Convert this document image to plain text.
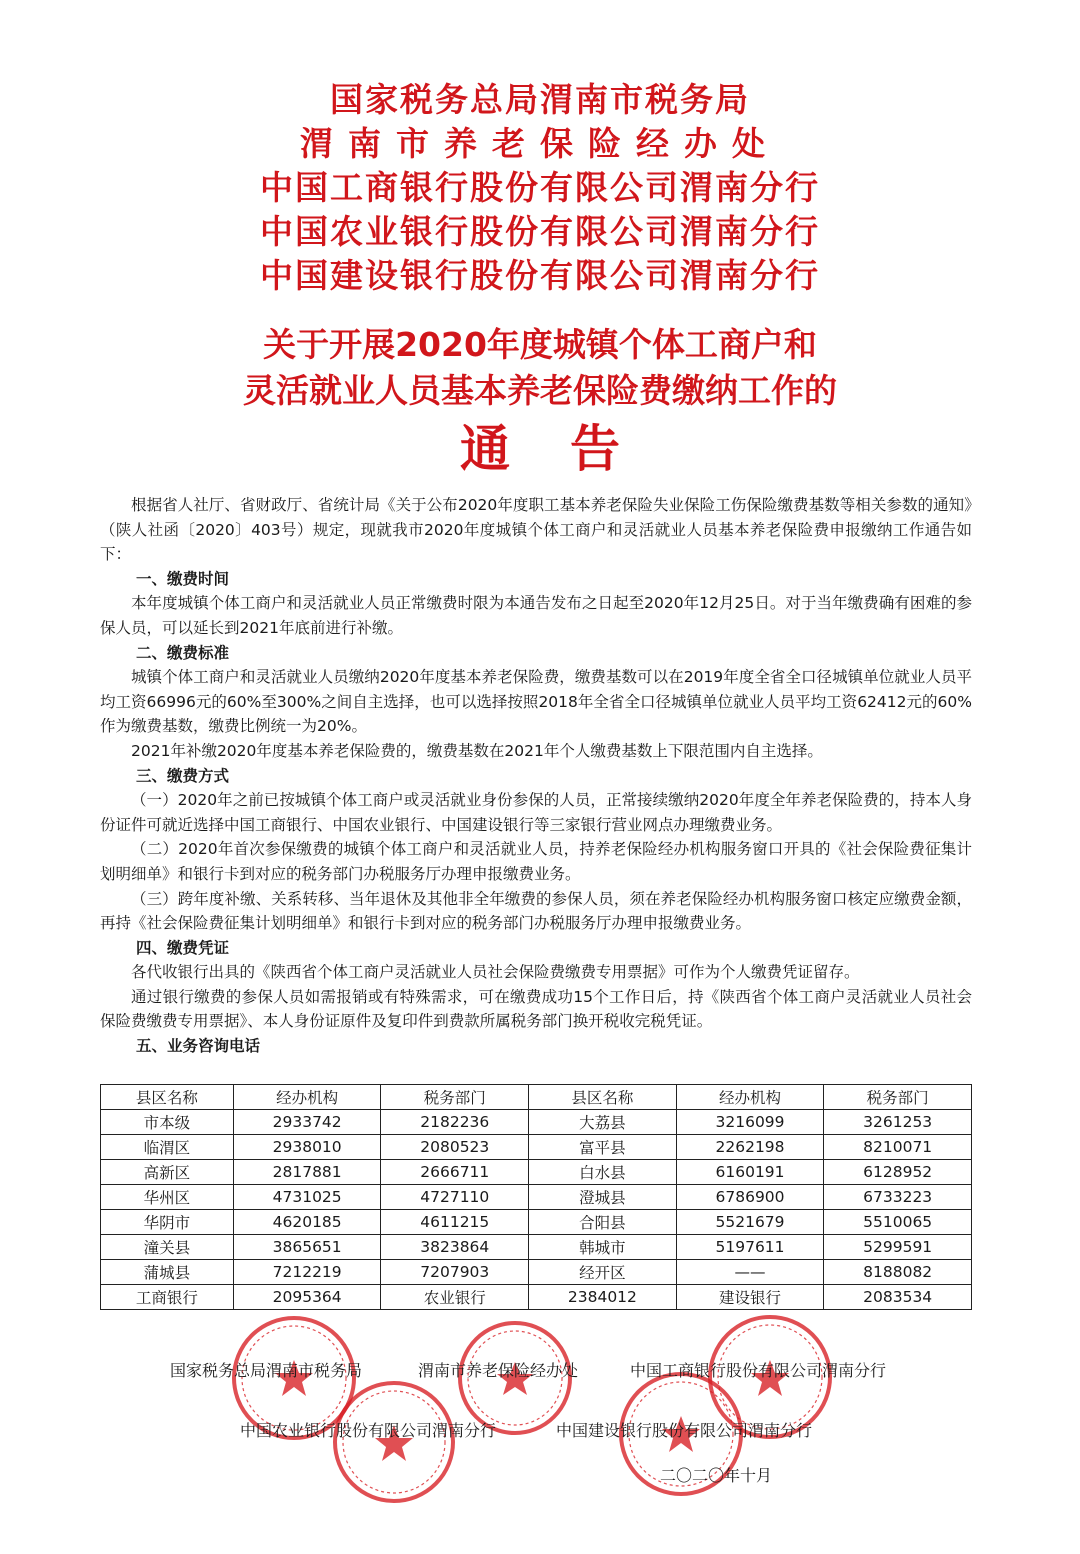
国家税务总局渭南市税务局
渭南市养老保险经办处
中国工商银行股份有限公司渭南分行
中国农业银行股份有限公司渭南分行
中国建设银行股份有限公司渭南分行
关于开展2020年度城镇个体工商户和
灵活就业人员基本养老保险费缴纳工作的
通告

根据省人社厅、省财政厅、省统计局《关于公布2020年度职工基本养老保险失业保险工伤保险缴费基数等相关参数的通知》（陕人社函〔2020〕403号）规定，现就我市2020年度城镇个体工商户和灵活就业人员基本养老保险费申报缴纳工作通告如下：

一、缴费时间

本年度城镇个体工商户和灵活就业人员正常缴费时限为本通告发布之日起至2020年12月25日。对于当年缴费确有困难的参保人员，可以延长到2021年底前进行补缴。

二、缴费标准

城镇个体工商户和灵活就业人员缴纳2020年度基本养老保险费，缴费基数可以在2019年度全省全口径城镇单位就业人员平均工资66996元的60%至300%之间自主选择，也可以选择按照2018年全省全口径城镇单位就业人员平均工资62412元的60%作为缴费基数，缴费比例统一为20%。

2021年补缴2020年度基本养老保险费的，缴费基数在2021年个人缴费基数上下限范围内自主选择。

三、缴费方式

（一）2020年之前已按城镇个体工商户或灵活就业身份参保的人员，正常接续缴纳2020年度全年养老保险费的，持本人身份证件可就近选择中国工商银行、中国农业银行、中国建设银行等三家银行营业网点办理缴费业务。

（二）2020年首次参保缴费的城镇个体工商户和灵活就业人员，持养老保险经办机构服务窗口开具的《社会保险费征集计划明细单》和银行卡到对应的税务部门办税服务厅办理申报缴费业务。

（三）跨年度补缴、关系转移、当年退休及其他非全年缴费的参保人员，须在养老保险经办机构服务窗口核定应缴费金额，再持《社会保险费征集计划明细单》和银行卡到对应的税务部门办税服务厅办理申报缴费业务。

四、缴费凭证

各代收银行出具的《陕西省个体工商户灵活就业人员社会保险费缴费专用票据》可作为个人缴费凭证留存。

通过银行缴费的参保人员如需报销或有特殊需求，可在缴费成功15个工作日后，持《陕西省个体工商户灵活就业人员社会保险费缴费专用票据》、本人身份证原件及复印件到费款所属税务部门换开税收完税凭证。

五、业务咨询电话

县区名称	经办机构	税务部门	县区名称	经办机构	税务部门
市本级	2933742	2182236	大荔县	3216099	3261253
临渭区	2938010	2080523	富平县	2262198	8210071
高新区	2817881	2666711	白水县	6160191	6128952
华州区	4731025	4727110	澄城县	6786900	6733223
华阴市	4620185	4611215	合阳县	5521679	5510065
潼关县	3865651	3823864	韩城市	5197611	5299591
蒲城县	7212219	7207903	经开区	——	8188082
工商银行	2095364	农业银行	2384012	建设银行	2083534
国家税务总局渭南市税务局	渭南市养老保险经办处	中国工商银行股份有限公司渭南分行
中国农业银行股份有限公司渭南分行	中国建设银行股份有限公司渭南分行
二〇二〇年十月
